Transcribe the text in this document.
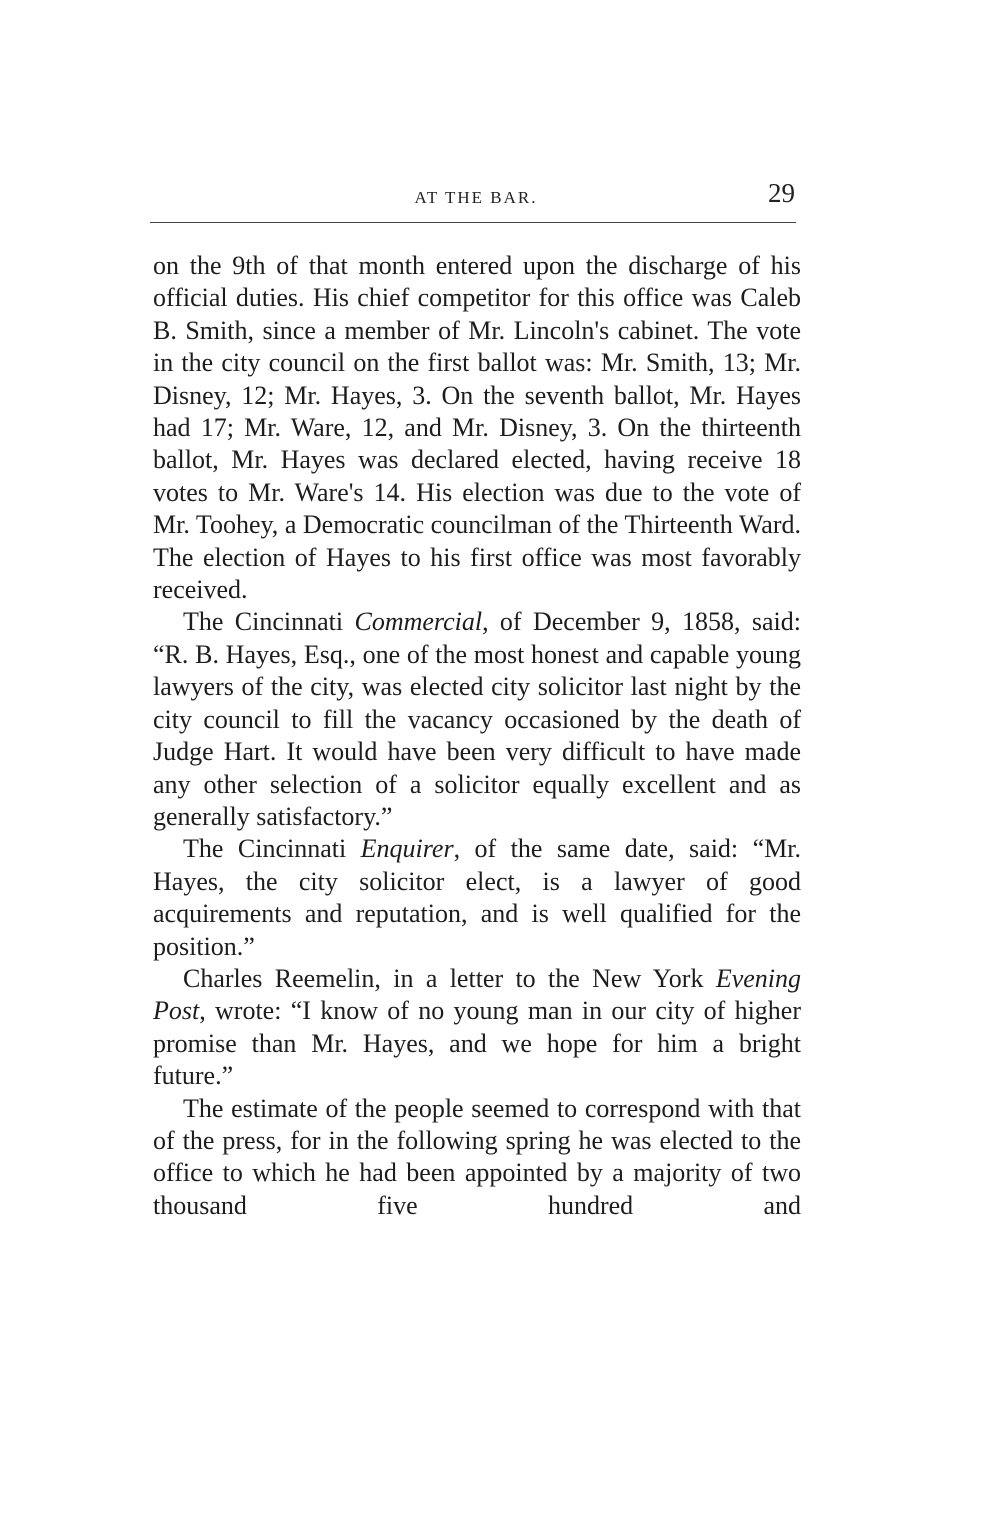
AT THE BAR.	29

on the 9th of that month entered upon the discharge of his official duties. His chief competitor for this office was Caleb B. Smith, since a member of Mr. Lincoln's cabinet. The vote in the city council on the first ballot was: Mr. Smith, 13; Mr. Disney, 12; Mr. Hayes, 3. On the seventh ballot, Mr. Hayes had 17; Mr. Ware, 12, and Mr. Disney, 3. On the thirteenth ballot, Mr. Hayes was declared elected, having receive 18 votes to Mr. Ware's 14. His election was due to the vote of Mr. Toohey, a Democratic councilman of the Thirteenth Ward. The election of Hayes to his first office was most favorably received.

The Cincinnati Commercial, of December 9, 1858, said: “R. B. Hayes, Esq., one of the most honest and capable young lawyers of the city, was elected city solicitor last night by the city council to fill the vacancy occasioned by the death of Judge Hart. It would have been very difficult to have made any other selection of a solicitor equally excellent and as generally satisfactory.”

The Cincinnati Enquirer, of the same date, said: “Mr. Hayes, the city solicitor elect, is a lawyer of good acquirements and reputation, and is well qualified for the position.”

Charles Reemelin, in a letter to the New York Evening Post, wrote: “I know of no young man in our city of higher promise than Mr. Hayes, and we hope for him a bright future.”

The estimate of the people seemed to correspond with that of the press, for in the following spring he was elected to the office to which he had been appointed by a majority of two thousand five hundred and
